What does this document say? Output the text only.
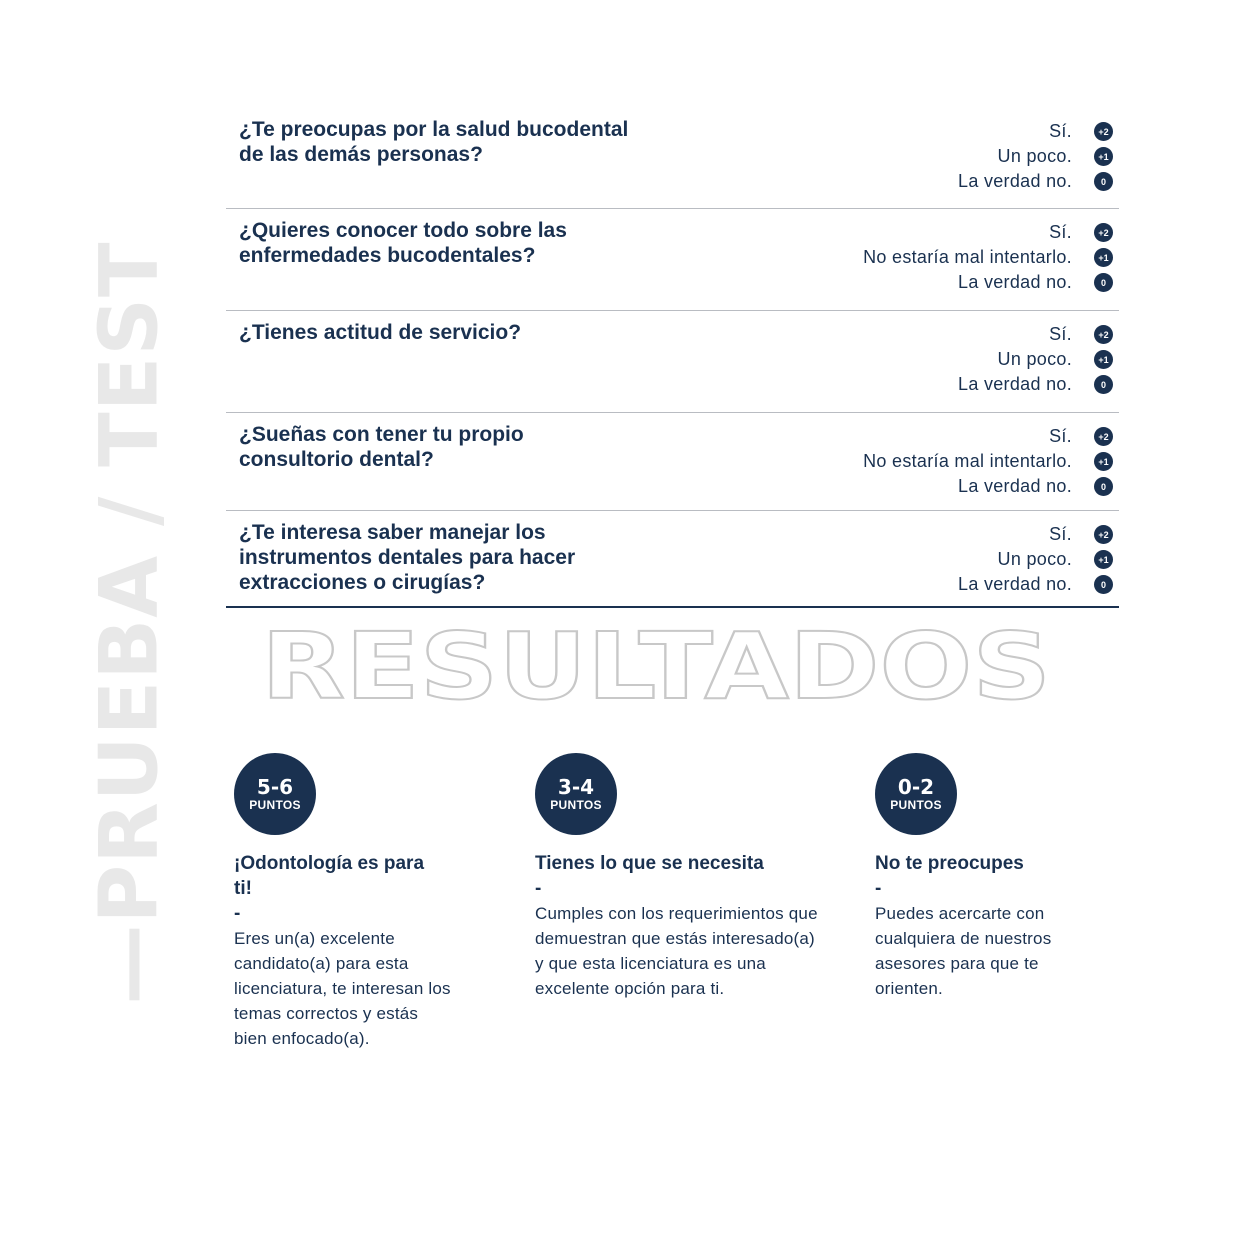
—PRUEBA / TEST
¿Te preocupas por la salud bucodental de las demás personas?
Sí.	+2
Un poco.	+1
La verdad no.	0
¿Quieres conocer todo sobre las enfermedades bucodentales?
Sí.	+2
No estaría mal intentarlo.	+1
La verdad no.	0
¿Tienes actitud de servicio?	Sí.	+2
Un poco.	+1
La verdad no.	0
¿Sueñas con tener tu propio consultorio dental?
Sí.	+2
No estaría mal intentarlo.	+1
La verdad no.	0
¿Te interesa saber manejar los instrumentos dentales para hacer extracciones o cirugías?
Sí.	+2
Un poco.	+1
La verdad no.	0
RESULTADOS
5-6
PUNTOS
¡Odontología es para ti!
-
Eres un(a) excelente candidato(a) para esta licenciatura, te interesan los temas correctos y estás bien enfocado(a).
3-4
PUNTOS
Tienes lo que se necesita
-
Cumples con los requerimientos que demuestran que estás interesado(a) y que esta licenciatura es una excelente opción para ti.
0-2
PUNTOS
No te preocupes
-
Puedes acercarte con cualquiera de nuestros asesores para que te orienten.
